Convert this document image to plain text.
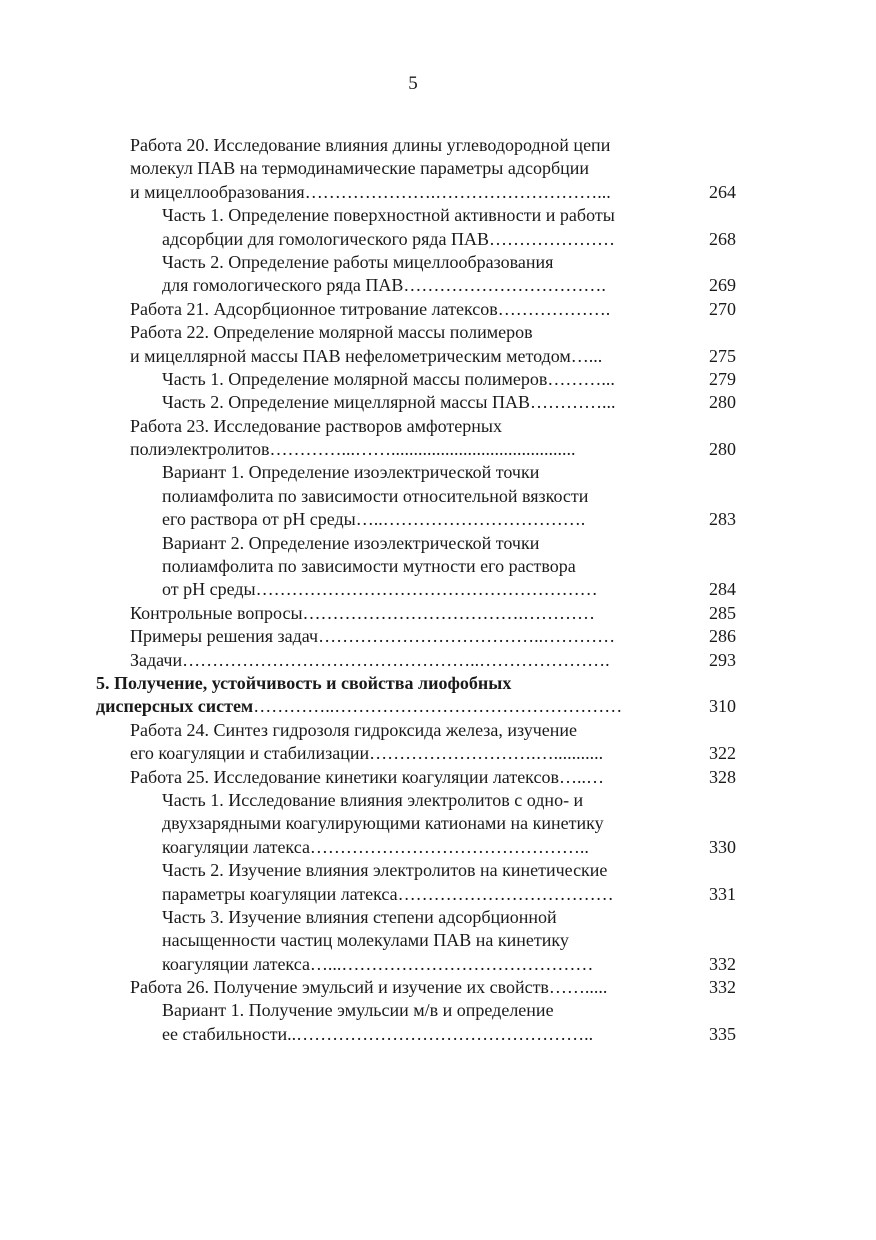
5
Работа 20. Исследование влияния длины углеводородной цепи
молекул ПАВ на термодинамические параметры адсорбции
и мицеллообразования………………….………………………...	264
Часть 1. Определение поверхностной активности и работы
адсорбции для гомологического ряда ПАВ…………………	268
Часть 2. Определение работы мицеллообразования
для гомологического ряда ПАВ…………………………….	269
Работа 21. Адсорбционное титрование латексов……………….	270
Работа 22. Определение молярной массы полимеров
и мицеллярной массы ПАВ нефелометрическим методом…...	275
Часть 1. Определение молярной массы полимеров………...	279
Часть 2. Определение мицеллярной массы ПАВ…………...	280
Работа 23. Исследование растворов амфотерных
полиэлектролитов…………...…….........................................	280
Вариант 1. Определение изоэлектрической точки
полиамфолита по зависимости относительной вязкости
его раствора от pH среды…..…………………………….	283
Вариант 2. Определение изоэлектрической точки
полиамфолита по зависимости мутности его раствора
от pH среды…………………………………………………	284
Контрольные вопросы……………………………….…………	285
Примеры решения задач………………………………..…………	286
Задачи…………………………………………..………………….	293
5. Получение, устойчивость и свойства лиофобных
дисперсных систем…………..…………………………………………	310
Работа 24. Синтез гидрозоля гидроксида железа, изучение
его коагуляции и стабилизации……………………….…...........	322
Работа 25. Исследование кинетики коагуляции латексов…..…	328
Часть 1. Исследование влияния электролитов с одно- и
двухзарядными коагулирующими катионами на кинетику
коагуляции латекса………………………………………..	330
Часть 2. Изучение влияния электролитов на кинетические
параметры коагуляции латекса………………………………	331
Часть 3. Изучение влияния степени адсорбционной
насыщенности частиц молекулами ПАВ на кинетику
коагуляции латекса…...……………………………………	332
Работа 26. Получение эмульсий и изучение их свойств…….....	332
Вариант 1. Получение эмульсии м/в и определение
ее стабильности..…………………………………………..	335
